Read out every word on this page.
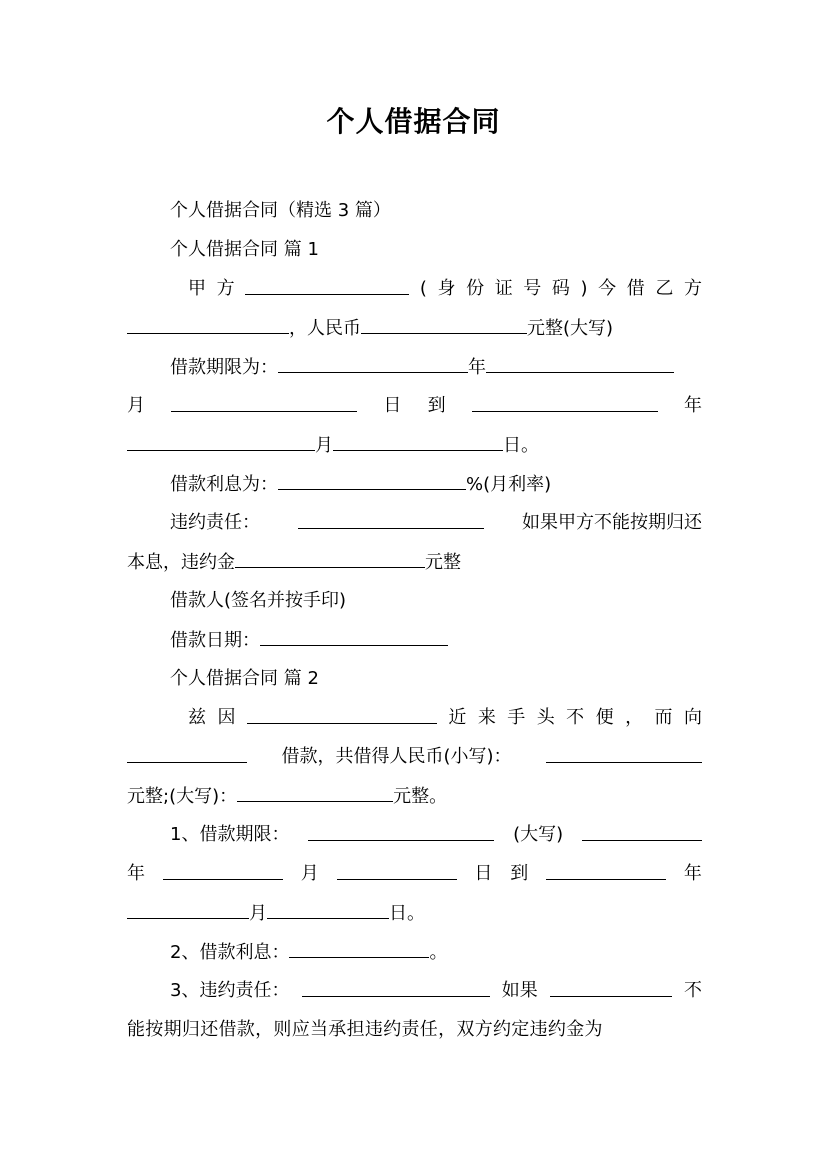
个人借据合同
个人借据合同（精选 3 篇）
个人借据合同 篇 1
甲 方	( 身 份 证 号 码 ) 今 借 乙 方
，人民币	元整(大写)
借款期限为：	年
月	日 到	年
月	日。
借款利息为：	%(月利率)
违约责任：	如果甲方不能按期归还
本息，违约金	元整
借款人(签名并按手印)
借款日期：
个人借据合同 篇 2
兹 因	近 来 手 头 不 便 ， 而 向
借款，共借得人民币(小写)：
元整;(大写)：	元整。
1、借款期限：	(大写)
年	月	日 到	年
月	日。
2、借款利息：	。
3、违约责任：	如果	不
能按期归还借款，则应当承担违约责任，双方约定违约金为
